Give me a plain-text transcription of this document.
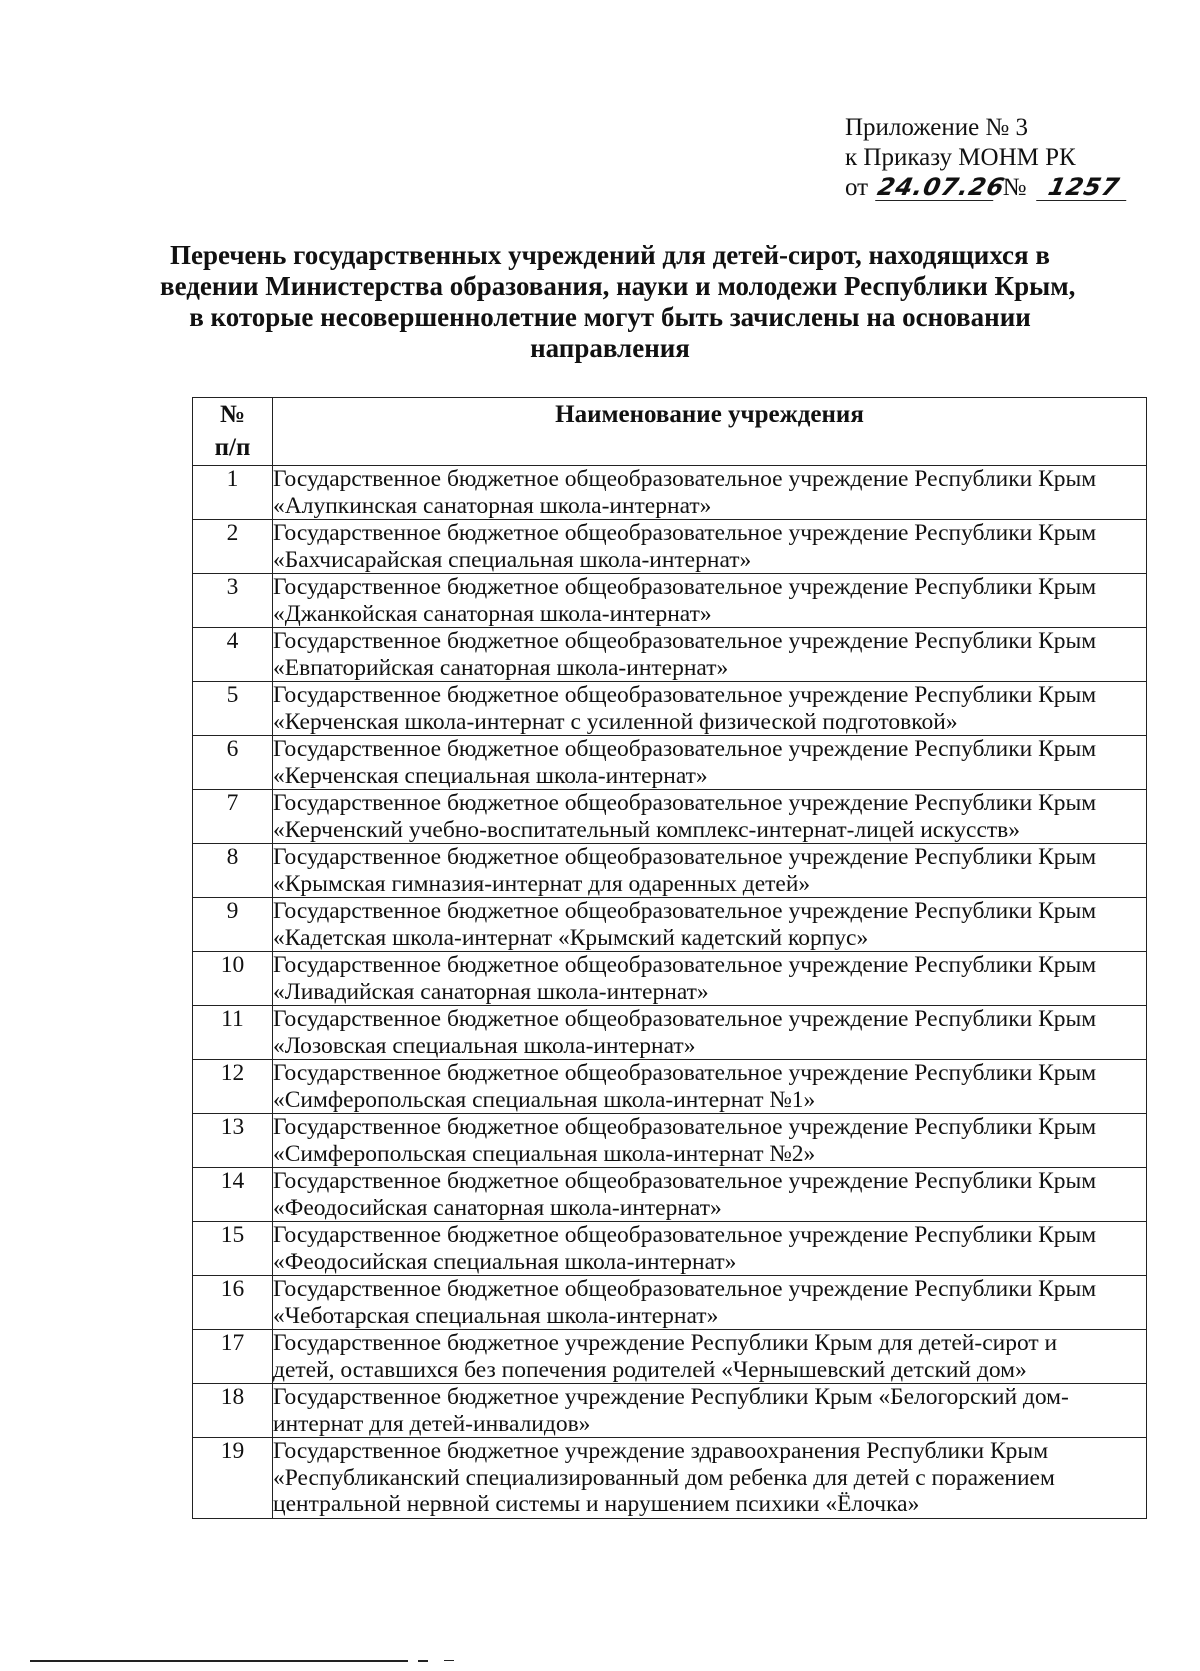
Приложение № 3
к Приказу МОНМ РК
от 24.07.26 № 1257
Перечень государственных учреждений для детей-сирот, находящихся в
ведении Министерства образования, науки и молодежи Республики Крым,
в которые несовершеннолетние могут быть зачислены на основании
направления
№
п/п	Наименование учреждения
1	Государственное бюджетное общеобразовательное учреждение Республики Крым
«Алупкинская санаторная школа-интернат»

2	Государственное бюджетное общеобразовательное учреждение Республики Крым
«Бахчисарайская специальная школа-интернат»

3	Государственное бюджетное общеобразовательное учреждение Республики Крым
«Джанкойская санаторная школа-интернат»

4	Государственное бюджетное общеобразовательное учреждение Республики Крым
«Евпаторийская санаторная школа-интернат»

5	Государственное бюджетное общеобразовательное учреждение Республики Крым
«Керченская школа-интернат с усиленной физической подготовкой»

6	Государственное бюджетное общеобразовательное учреждение Республики Крым
«Керченская специальная школа-интернат»

7	Государственное бюджетное общеобразовательное учреждение Республики Крым
«Керченский учебно-воспитательный комплекс-интернат-лицей искусств»

8	Государственное бюджетное общеобразовательное учреждение Республики Крым
«Крымская гимназия-интернат для одаренных детей»

9	Государственное бюджетное общеобразовательное учреждение Республики Крым
«Кадетская школа-интернат «Крымский кадетский корпус»

10	Государственное бюджетное общеобразовательное учреждение Республики Крым
«Ливадийская санаторная школа-интернат»

11	Государственное бюджетное общеобразовательное учреждение Республики Крым
«Лозовская специальная школа-интернат»

12	Государственное бюджетное общеобразовательное учреждение Республики Крым
«Симферопольская специальная школа-интернат №1»

13	Государственное бюджетное общеобразовательное учреждение Республики Крым
«Симферопольская специальная школа-интернат №2»

14	Государственное бюджетное общеобразовательное учреждение Республики Крым
«Феодосийская санаторная школа-интернат»

15	Государственное бюджетное общеобразовательное учреждение Республики Крым
«Феодосийская специальная школа-интернат»

16	Государственное бюджетное общеобразовательное учреждение Республики Крым
«Чеботарская специальная школа-интернат»

17	Государственное бюджетное учреждение Республики Крым для детей-сирот и
детей, оставшихся без попечения родителей «Чернышевский детский дом»

18	Государственное бюджетное учреждение Республики Крым «Белогорский дом-
интернат для детей-инвалидов»

19	Государственное бюджетное учреждение здравоохранения Республики Крым
«Республиканский специализированный дом ребенка для детей с поражением
центральной нервной системы и нарушением психики «Ёлочка»
